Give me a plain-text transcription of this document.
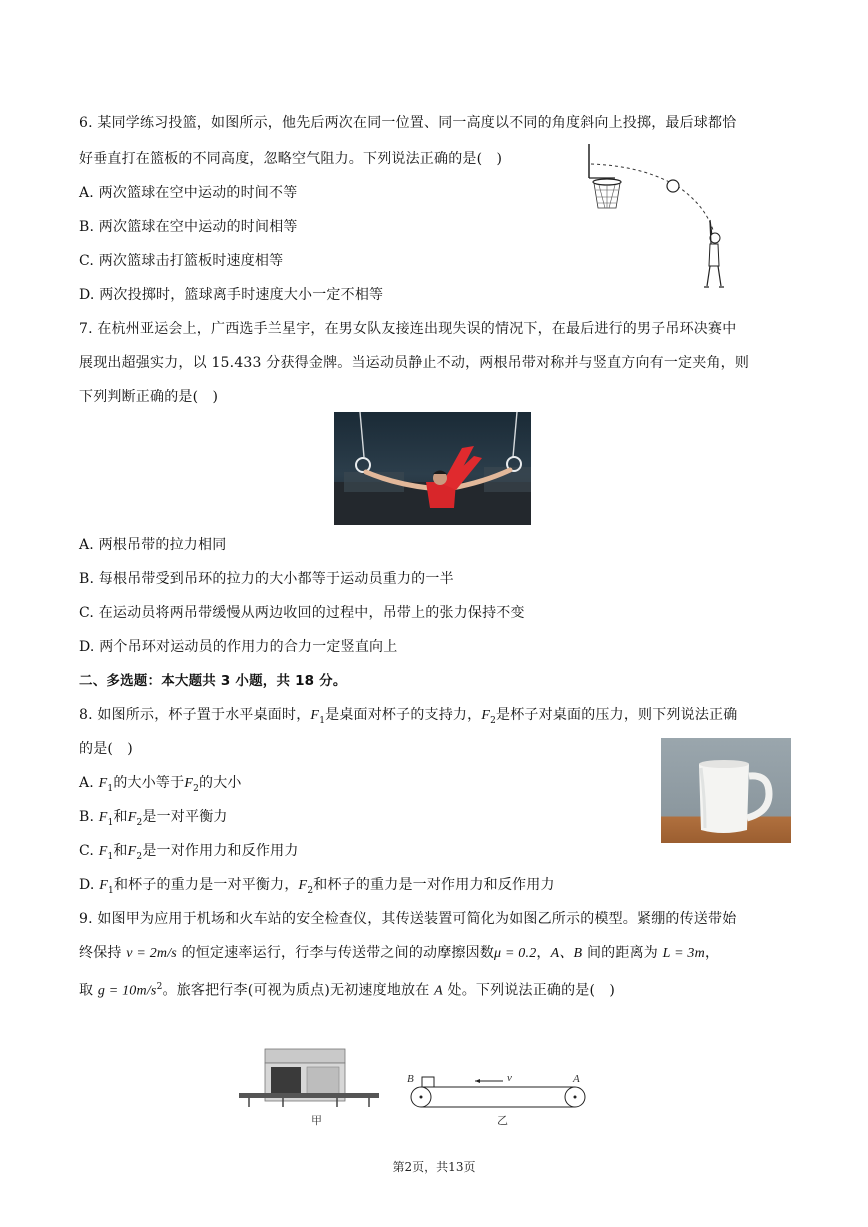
6. 某同学练习投篮，如图所示，他先后两次在同一位置、同一高度以不同的角度斜向上投掷，最后球都恰
好垂直打在篮板的不同高度，忽略空气阻力。下列说法正确的是(　)
A. 两次篮球在空中运动的时间不等
B. 两次篮球在空中运动的时间相等
C. 两次篮球击打篮板时速度相等
D. 两次投掷时，篮球离手时速度大小一定不相等
7. 在杭州亚运会上，广西选手兰星宇，在男女队友接连出现失误的情况下，在最后进行的男子吊环决赛中
展现出超强实力，以 15.433 分获得金牌。当运动员静止不动，两根吊带对称并与竖直方向有一定夹角，则
下列判断正确的是(　)
A. 两根吊带的拉力相同
B. 每根吊带受到吊环的拉力的大小都等于运动员重力的一半
C. 在运动员将两吊带缓慢从两边收回的过程中，吊带上的张力保持不变
D. 两个吊环对运动员的作用力的合力一定竖直向上
二、多选题：本大题共 3 小题，共 18 分。
8. 如图所示，杯子置于水平桌面时，$F_1$是桌面对杯子的支持力，$F_2$是杯子对桌面的压力，则下列说法正确
的是(　)
A. $F_1$的大小等于$F_2$的大小
B. $F_1$和$F_2$是一对平衡力
C. $F_1$和$F_2$是一对作用力和反作用力
D. $F_1$和杯子的重力是一对平衡力，$F_2$和杯子的重力是一对作用力和反作用力
9. 如图甲为应用于机场和火车站的安全检查仪，其传送装置可简化为如图乙所示的模型。紧绷的传送带始
终保持 v = 2m/s 的恒定速率运行，行李与传送带之间的动摩擦因数μ = 0.2，A、B 间的距离为 L = 3m，
取 $g = 10m/s^2$。旅客把行李(可视为质点)无初速度地放在 A 处。下列说法正确的是(　)
甲
B	A
v
乙
第2页，共13页
